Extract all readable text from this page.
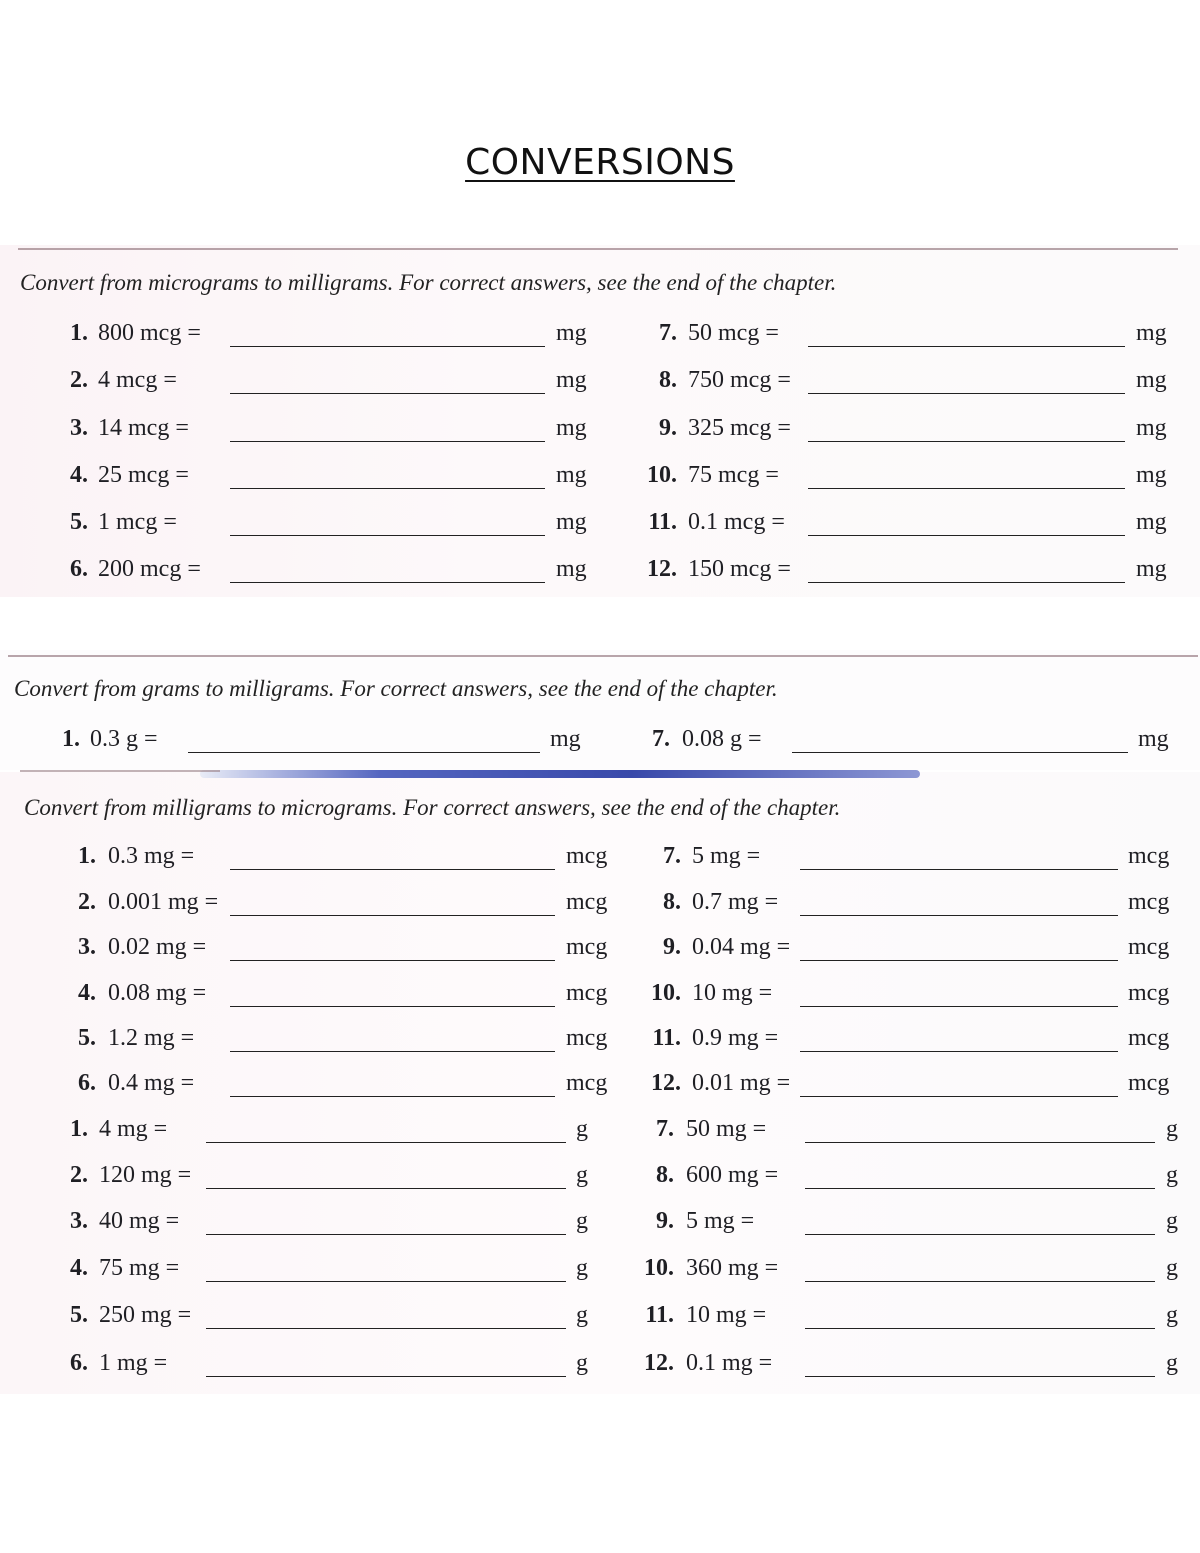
CONVERSIONS
Convert from micrograms to milligrams. For correct answers, see the end of the chapter.
Convert from grams to milligrams. For correct answers, see the end of the chapter.
Convert from milligrams to micrograms. For correct answers, see the end of the chapter.
1. 800 mcg =	mg
2. 4 mcg =	mg
3. 14 mcg =	mg
4. 25 mcg =	mg
5. 1 mcg =	mg
6. 200 mcg =	mg
7. 50 mcg =	mg
8. 750 mcg =	mg
9. 325 mcg =	mg
10. 75 mcg =	mg
11. 0.1 mcg =	mg
12. 150 mcg =	mg
1. 0.3 g =	mg	7. 0.08 g =	mg
1. 0.3 mg =	mcg
2. 0.001 mg =	mcg
3. 0.02 mg =	mcg
4. 0.08 mg =	mcg
5. 1.2 mg =	mcg
6. 0.4 mg =	mcg
7. 5 mg =	mcg
8. 0.7 mg =	mcg
9. 0.04 mg =	mcg
10. 10 mg =	mcg
11. 0.9 mg =	mcg
12. 0.01 mg =	mcg
1. 4 mg =	g
2. 120 mg =	g
3. 40 mg =	g
4. 75 mg =	g
5. 250 mg =	g
6. 1 mg =	g
7. 50 mg =	g
8. 600 mg =	g
9. 5 mg =	g
10. 360 mg =	g
11. 10 mg =	g
12. 0.1 mg =	g
